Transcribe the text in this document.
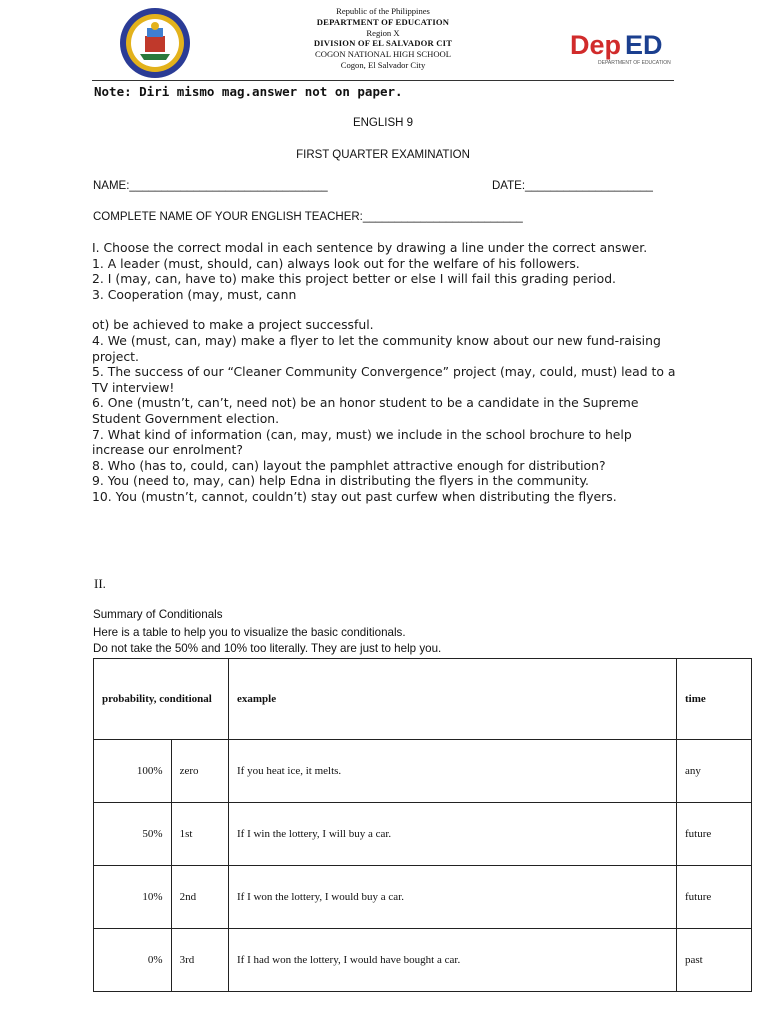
Republic of the Philippines
DEPARTMENT OF EDUCATION
Region X
DIVISION OF EL SALVADOR CIT
COGON NATIONAL HIGH SCHOOL
Cogon, El Salvador City
Dep ED
DEPARTMENT OF EDUCATION
Note: Diri mismo mag.answer not on paper.
ENGLISH 9
FIRST QUARTER EXAMINATION
NAME:_______________________________	DATE:____________________
COMPLETE NAME OF YOUR ENGLISH TEACHER:_________________________

I. Choose the correct modal in each sentence by drawing a line under the correct answer.

1. A leader (must, should, can) always look out for the welfare of his followers.

2. I (may, can, have to) make this project better or else I will fail this grading period.

3. Cooperation (may, must, cann

ot) be achieved to make a project successful.

4. We (must, can, may) make a flyer to let the community know about our new fund-raising project.

5. The success of our “Cleaner Community Convergence” project (may, could, must) lead to a TV interview!

6. One (mustn’t, can’t, need not) be an honor student to be a candidate in the Supreme Student Government election.

7. What kind of information (can, may, must) we include in the school brochure to help increase our enrolment?

8. Who (has to, could, can) layout the pamphlet attractive enough for distribution?

9. You (need to, may, can) help Edna in distributing the flyers in the community.

10. You (mustn’t, cannot, couldn’t) stay out past curfew when distributing the flyers.

II.
Summary of Conditionals
Here is a table to help you to visualize the basic conditionals.
Do not take the 50% and 10% too literally. They are just to help you.
probability, conditional		example	time
100%	zero	If you heat ice, it melts.	any
50%	1st	If I win the lottery, I will buy a car.	future
10%	2nd	If I won the lottery, I would buy a car.	future
0%	3rd	If I had won the lottery, I would have bought a car.	past
